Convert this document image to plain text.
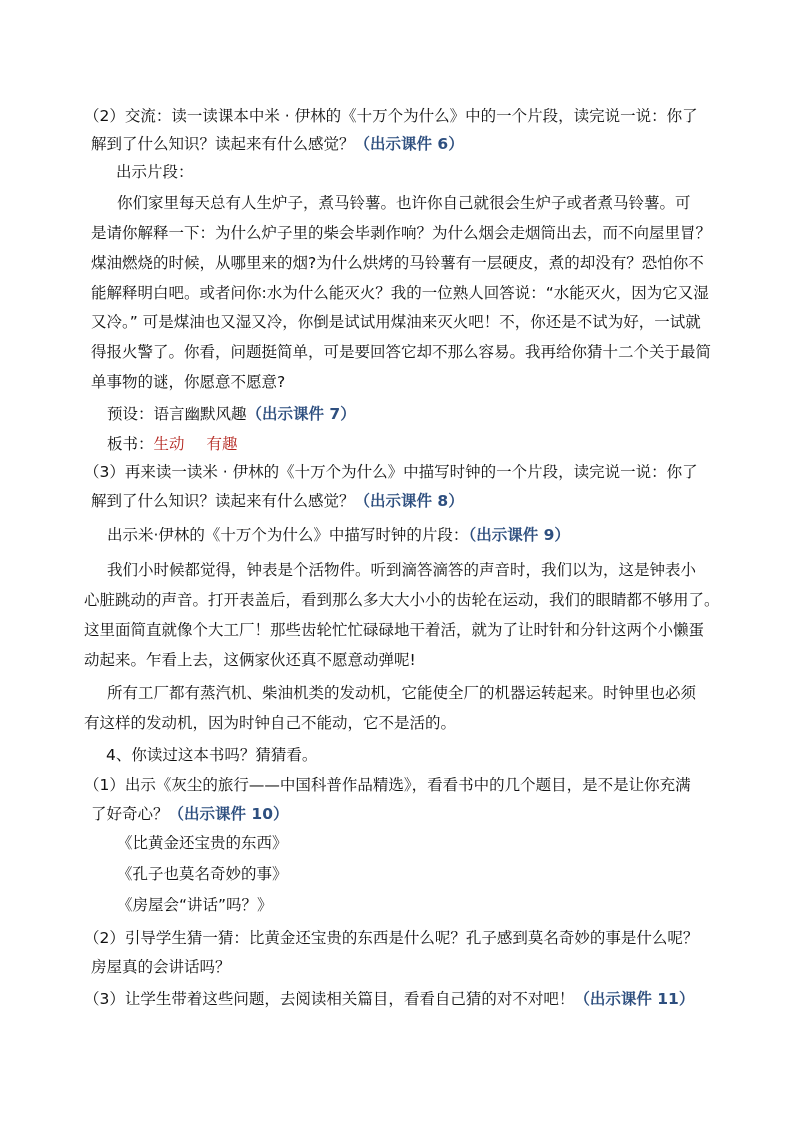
（2）交流：读一读课本中米 · 伊林的《十万个为什么》中的一个片段，读完说一说：你了
解到了什么知识？读起来有什么感觉？（出示课件 6）
出示片段：
你们家里每天总有人生炉子，煮马铃薯。也许你自己就很会生炉子或者煮马铃薯。可
是请你解释一下：为什么炉子里的柴会毕剥作响？为什么烟会走烟筒出去，而不向屋里冒？
煤油燃烧的时候，从哪里来的烟?为什么烘烤的马铃薯有一层硬皮，煮的却没有？恐怕你不
能解释明白吧。或者问你:水为什么能灭火？我的一位熟人回答说：“水能灭火，因为它又湿
又冷。” 可是煤油也又湿又冷，你倒是试试用煤油来灭火吧！不，你还是不试为好，一试就
得报火警了。你看，问题挺简单，可是要回答它却不那么容易。我再给你猜十二个关于最简
单事物的谜，你愿意不愿意?
预设：语言幽默风趣（出示课件 7）
板书：生动 有趣
（3）再来读一读米 · 伊林的《十万个为什么》中描写时钟的一个片段，读完说一说：你了
解到了什么知识？读起来有什么感觉？（出示课件 8）
出示米·伊林的《十万个为什么》中描写时钟的片段：（出示课件 9）
我们小时候都觉得，钟表是个活物件。听到滴答滴答的声音时，我们以为，这是钟表小
心脏跳动的声音。打开表盖后，看到那么多大大小小的齿轮在运动，我们的眼睛都不够用了。
这里面简直就像个大工厂！那些齿轮忙忙碌碌地干着活，就为了让时针和分针这两个小懒蛋
动起来。乍看上去，这俩家伙还真不愿意动弹呢!
所有工厂都有蒸汽机、柴油机类的发动机，它能使全厂的机器运转起来。时钟里也必须
有这样的发动机，因为时钟自己不能动，它不是活的。
4、你读过这本书吗？猜猜看。
（1）出示《灰尘的旅行——中国科普作品精选》，看看书中的几个题目，是不是让你充满
了好奇心？（出示课件 10）
《比黄金还宝贵的东西》
《孔子也莫名奇妙的事》
《房屋会“讲话”吗？》
（2）引导学生猜一猜：比黄金还宝贵的东西是什么呢？孔子感到莫名奇妙的事是什么呢？
房屋真的会讲话吗？
（3）让学生带着这些问题，去阅读相关篇目，看看自己猜的对不对吧！（出示课件 11）
